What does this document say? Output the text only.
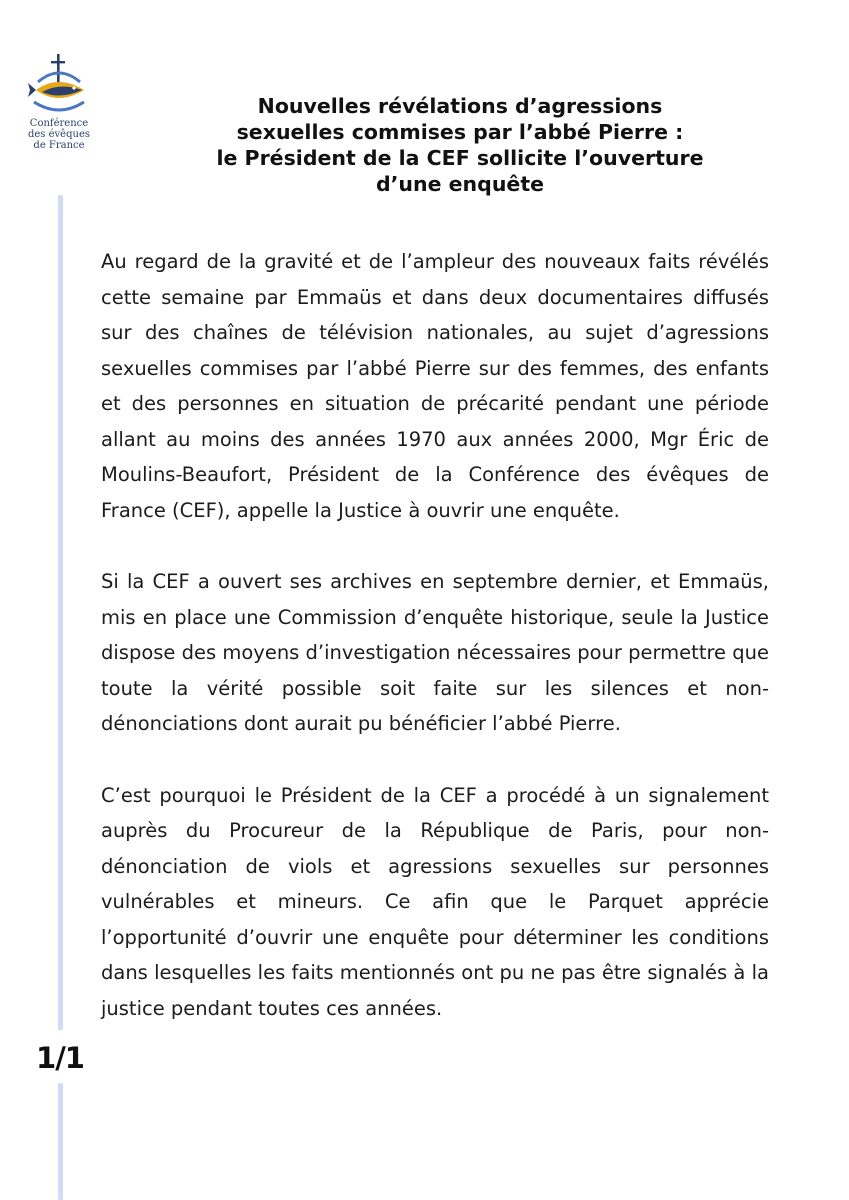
Conférence
des évêques
de France
1/1
Nouvelles révélations d’agressions
sexuelles commises par l’abbé Pierre :
le Président de la CEF sollicite l’ouverture
d’une enquête

Au regard de la gravité et de l’ampleur des nouveaux faits révélés cette semaine par Emmaüs et dans deux documentaires diffusés sur des chaînes de télévision nationales, au sujet d’agressions sexuelles commises par l’abbé Pierre sur des femmes, des enfants et des personnes en situation de précarité pendant une période allant au moins des années 1970 aux années 2000, Mgr Éric de Moulins-Beaufort, Président de la Conférence des évêques de France (CEF), appelle la Justice à ouvrir une enquête.

Si la CEF a ouvert ses archives en septembre dernier, et Emmaüs, mis en place une Commission d’enquête historique, seule la Justice dispose des moyens d’investigation nécessaires pour permettre que toute la vérité possible soit faite sur les silences et non-dénonciations dont aurait pu bénéficier l’abbé Pierre.

C’est pourquoi le Président de la CEF a procédé à un signalement auprès du Procureur de la République de Paris, pour non-dénonciation de viols et agressions sexuelles sur personnes vulnérables et mineurs. Ce afin que le Parquet apprécie l’opportunité d’ouvrir une enquête pour déterminer les conditions dans lesquelles les faits mentionnés ont pu ne pas être signalés à la justice pendant toutes ces années.
